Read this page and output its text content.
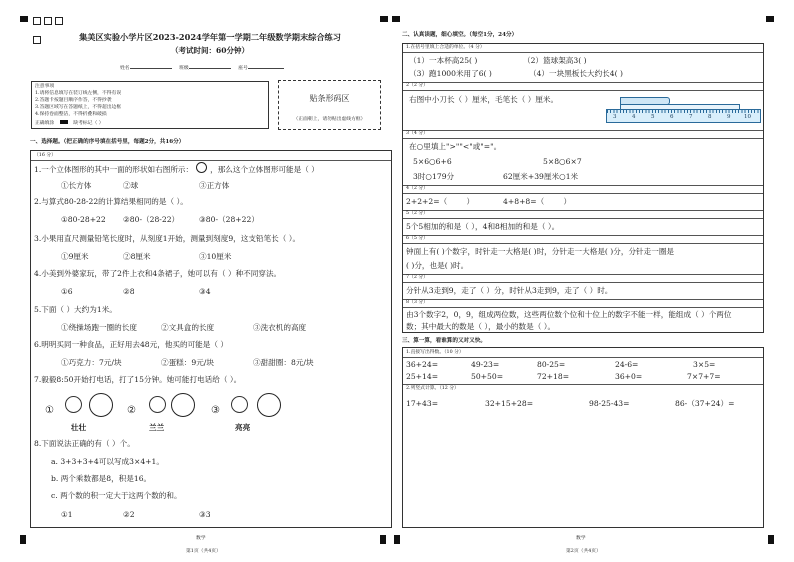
集美区实验小学片区2023-2024学年第一学期二年级数学期末综合练习
（考试时间：60分钟）
姓名	班级	座号
注意事项
1.请将信息填写在装订线左侧，不得有误
2.答题卡按题目顺序作答，不得抄袭
3.答题区域写在答题纸上，不得超出边框
4.保持卷面整洁，不得折叠和破损
正确填涂	缺考标记（ ）
贴条形码区
（正面朝上，请勿贴出虚线方框）
一、选择题。（把正确的序号填在括号里，每题2分，共16分）
（16 分）
1.一个立体图形的其中一面的形状如右图所示： ，那么这个立体图形可能是（ ）
①长方体	②球	③正方体
2.与算式80-28-22的计算结果相同的是（ ）。
①80-28+22 ②80-（28-22）	③80-（28+22）
3.小果用直尺测量铅笔长度时，从刻度1开始，测量到刻度9，这支铅笔长（ ）。
①9厘米	②8厘米	③10厘米
4.小美到外婆家玩，带了2件上衣和4条裙子，她可以有（ ）种不同穿法。
①6	②8	③4
5.下面（ ）大约为1米。
①绕操场跑一圈的长度	②文具盒的长度	③洗衣机的高度
6.明明买同一种食品，正好用去48元，他买的可能是（ ）
①巧克力：7元/块	②蛋糕：9元/块	③甜甜圈：8元/块
7.毅毅8:50开始打电话，打了15分钟。她可能打电话给（ ）。
①
壮壮
②
兰兰
③
亮亮
8.下面说法正确的有（ ）个。
a. 3+3+3+4可以写成3×4+1。
b. 两个乘数都是8，积是16。
c. 两个数的积一定大于这两个数的和。
①1	②2	③3
数学
第1页（共4页）
二、认真读题，细心填空。（每空1分，24分）
1.在括号里填上合适的单位。（4 分）
（1）一本杯高25( )	（2）篮球架高3( )
（3）跑1000米用了6( )	（4）一块黑板长大约长4( )
2（2 分）
右图中小刀长（ ）厘米，毛笔长（ ）厘米。
3	4	5	6	7	8	9 10
3（4 分）
在○里填上">""<"或"="。
5×6○6+6	5×8○6×7
3时○179分	62厘米+39厘米○1米
4（2 分）
2+2+2=（        ）            4+8+8=（        ）
5（2 分）
5个5相加的和是（ ），4和8相加的和是（ ）。
6（5 分）
钟面上有( )个数字，时针走一大格是( )时，分针走一大格是( )分，分针走一圈是
( )分，也是( )时。
7（2 分）
分针从3走到9，走了（ ）分，时针从3走到9，走了（ ）时。
8（3 分）
由3个数字2，0，9，组成两位数，这些两位数个位和十位上的数字不能一样，能组成（ ）个两位
数；其中最大的数是（ ），最小的数是（ ）。
三、算一算，看谁算的又对又快。
1.直接写出得数。（10 分）
36+24=	49-23=	80-25=	24-6=	3×5=
25+14=	50+50=	72+18=	36+0=	7×7+7=
2.列竖式计算。（12 分）
17+43=	32+15+28=	98-25-43=	86-（37+24）=
数学
第2页（共4页）
